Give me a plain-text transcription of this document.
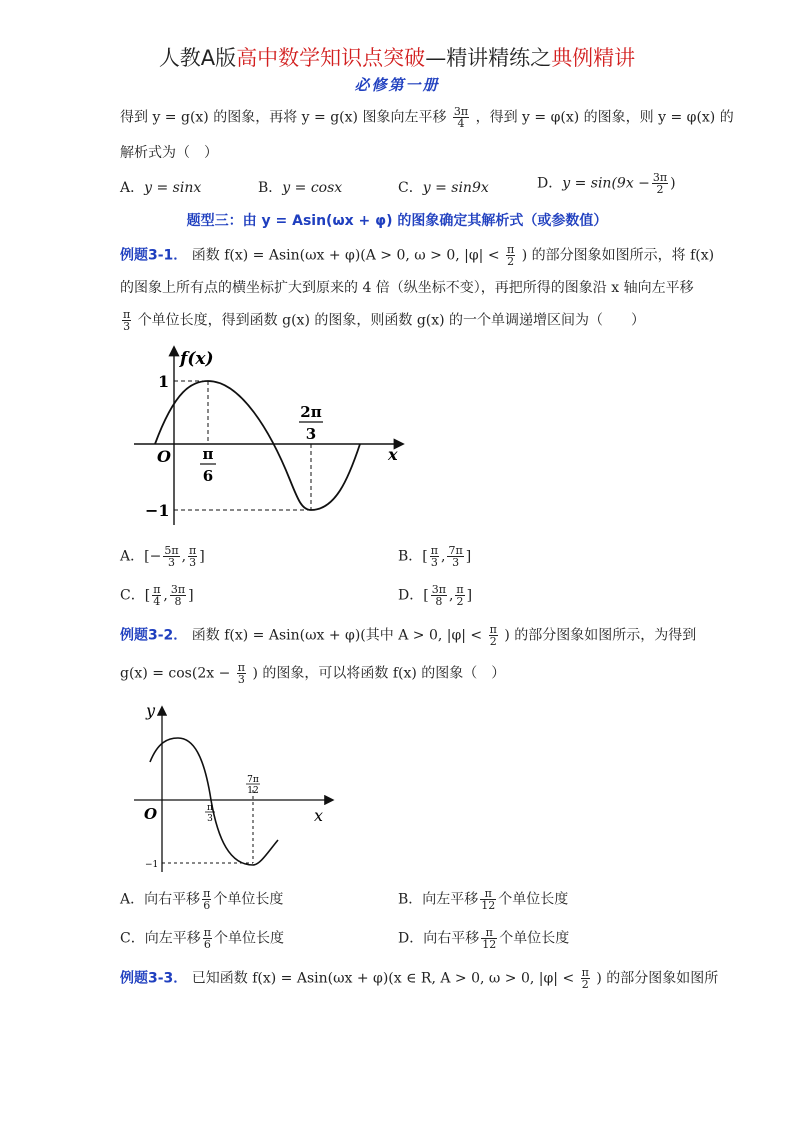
人教A版高中数学知识点突破—精讲精练之典例精讲
必修第一册
得到 y = g(x) 的图象，再将 y = g(x) 图象向左平移 $\frac{3\pi}{4}$ ，得到 y = φ(x) 的图象，则 y = φ(x) 的
解析式为（　）
A．y = sinx	B．y = cosx	C．y = sin9x	D．$y = \sin(9x - \frac{3\pi}{2}$ )
题型三：由 y = Asin(ωx + φ) 的图象确定其解析式（或参数值）
例题3-1． 函数 f(x) = Asin(ωx + φ)(A > 0, ω > 0, $|\varphi| < \frac{\pi}{2}$ ) 的部分图象如图所示，将 f(x)
的图象上所有点的横坐标扩大到原来的 4 倍（纵坐标不变），再把所得的图象沿 x 轴向左平移
$\frac{\pi}{3}$ 个单位长度，得到函数 g(x) 的图象，则函数 g(x) 的一个单调递增区间为（　　）
f(x)
1
−1
O	x
π
6
2π
3
A．[− $\frac{5\pi}{3}$ , $\frac{\pi}{3}$ ]	B．[ $\frac{\pi}{3}$ , $\frac{7\pi}{3}$ ]
C．[ $\frac{\pi}{4}$ , $\frac{3\pi}{8}$ ]	D．[ $\frac{3\pi}{8}$ , $\frac{\pi}{2}$ ]
例题3-2． 函数 f(x) = Asin(ωx + φ)(其中 A > 0, $|\varphi| < \frac{\pi}{2}$ ) 的部分图象如图所示，为得到
$g(x) = \cos(2x - \frac{\pi}{3}$ ) 的图象，可以将函数 f(x) 的图象（　）
y
O	x
π
3
7π
12
−1
A．向右平移 $\frac{\pi}{6}$ 个单位长度	B．向左平移 $\frac{\pi}{12}$ 个单位长度
C．向左平移 $\frac{\pi}{6}$ 个单位长度	D．向右平移 $\frac{\pi}{12}$ 个单位长度
例题3-3． 已知函数 f(x) = Asin(ωx + φ)(x ∈ R, A > 0, ω > 0, $|\varphi| < \frac{\pi}{2}$ ) 的部分图象如图所
